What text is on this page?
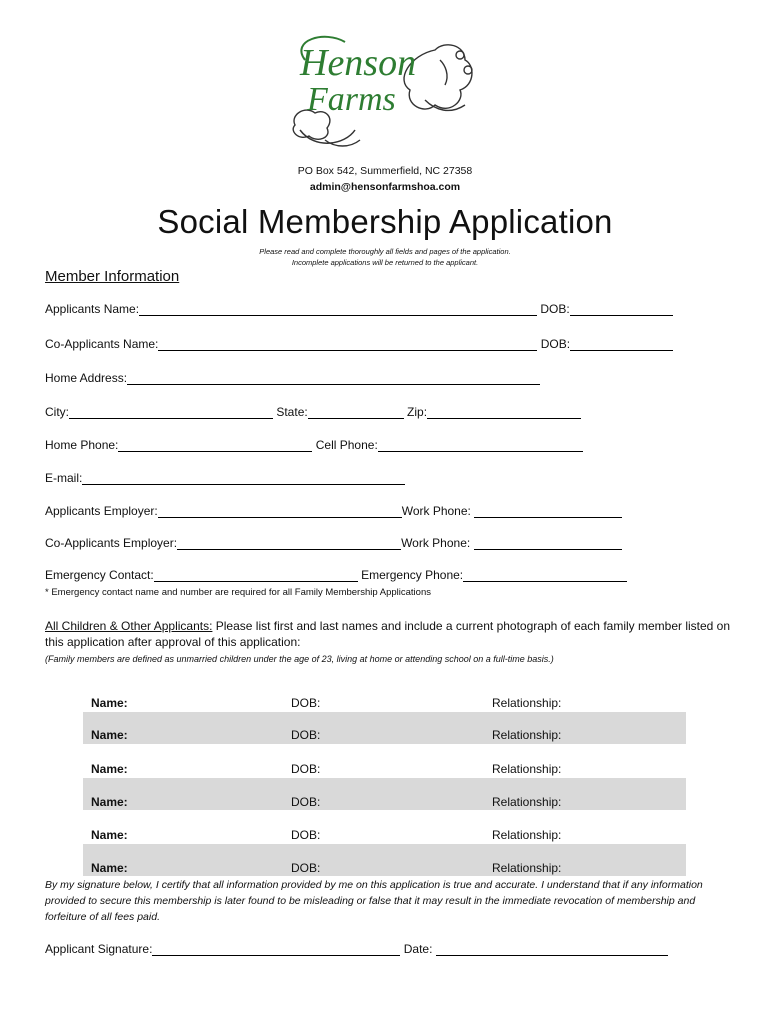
Henson
Farms
PO Box 542, Summerfield, NC 27358
admin@hensonfarmshoa.com
Social Membership Application
Please read and complete thoroughly all fields and pages of the application.
Incomplete applications will be returned to the applicant.
Member Information
Applicants Name:	DOB:
Co-Applicants Name:	DOB:
Home Address:
City:	State:	Zip:
Home Phone:	Cell Phone:
E-mail:
Applicants Employer:	Work Phone:
Co-Applicants Employer:	Work Phone:
Emergency Contact:	Emergency Phone:
* Emergency contact name and number are required for all Family Membership Applications
All Children & Other Applicants: Please list first and last names and include a current photograph of each family member listed on this application after approval of this application:
(Family members are defined as unmarried children under the age of 23, living at home or attending school on a full-time basis.)
Name:	DOB:	Relationship:
Name:	DOB:	Relationship:
Name:	DOB:	Relationship:
Name:	DOB:	Relationship:
Name:	DOB:	Relationship:
Name:	DOB:	Relationship:
By my signature below, I certify that all information provided by me on this application is true and accurate. I understand that if any information provided to secure this membership is later found to be misleading or false that it may result in the immediate revocation of membership and forfeiture of all fees paid.
Applicant Signature:	Date:
